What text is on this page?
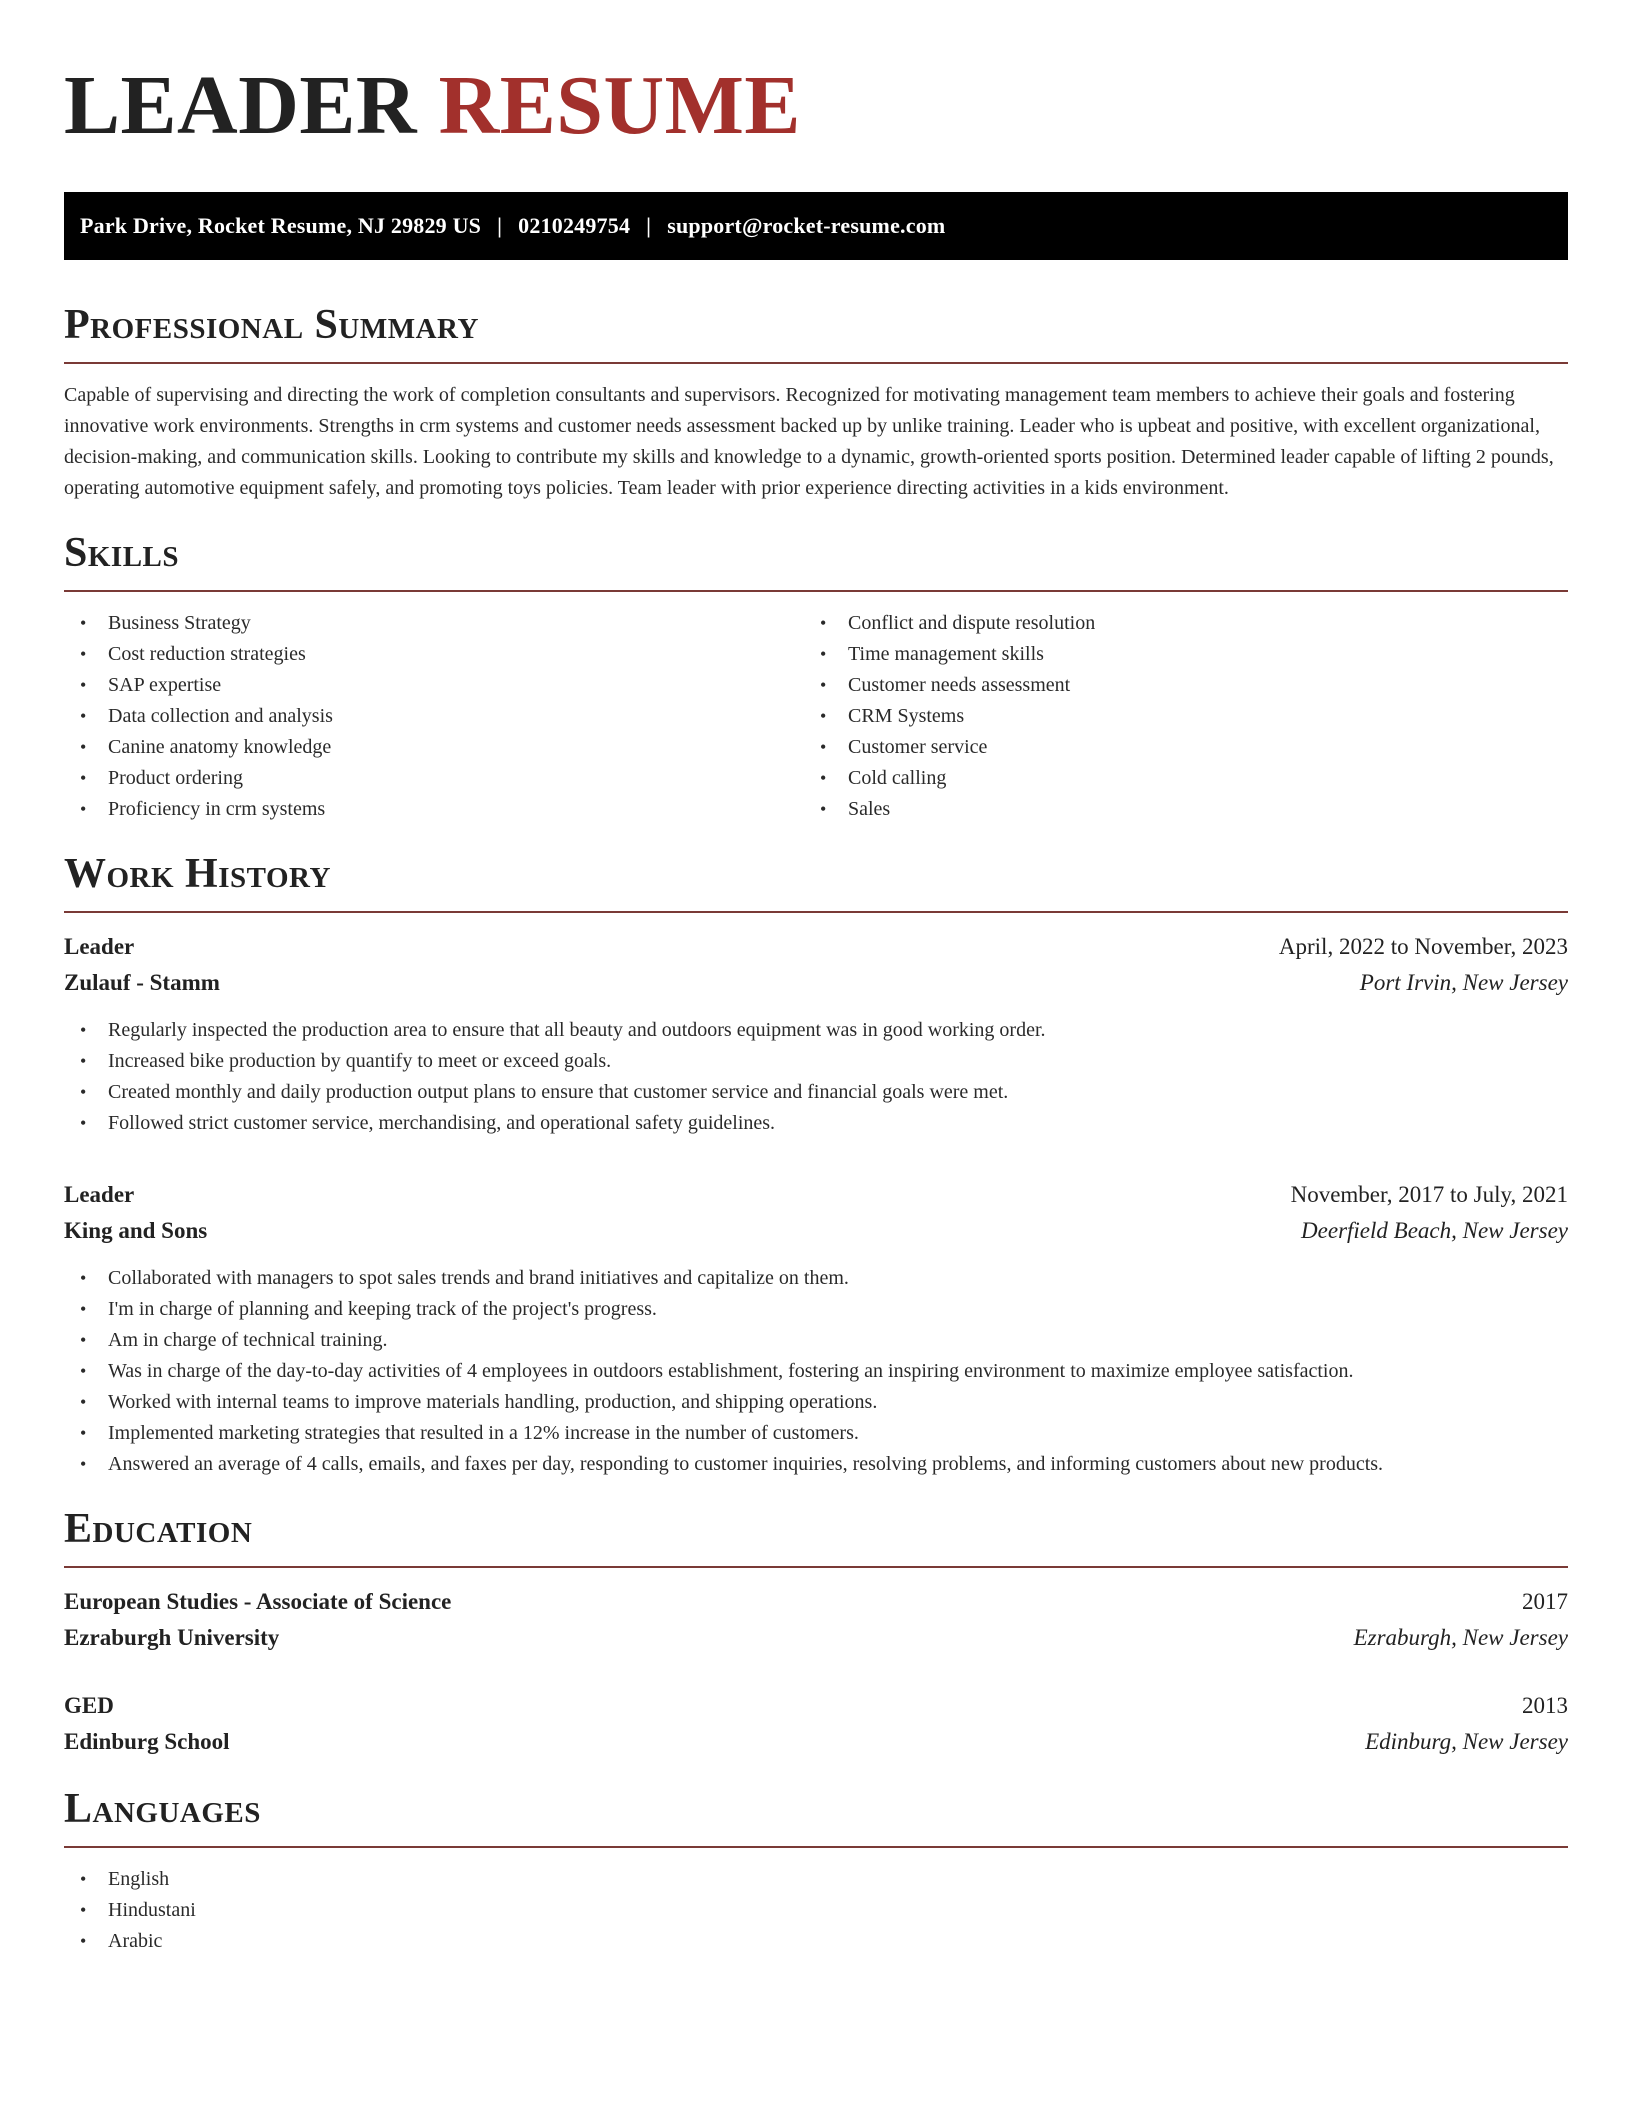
LEADER RESUME
Park Drive, Rocket Resume, NJ 29829 US | 0210249754 | support@rocket-resume.com
Professional Summary

Capable of supervising and directing the work of completion consultants and supervisors. Recognized for motivating management team members to achieve their goals and fostering innovative work environments. Strengths in crm systems and customer needs assessment backed up by unlike training. Leader who is upbeat and positive, with excellent organizational, decision-making, and communication skills. Looking to contribute my skills and knowledge to a dynamic, growth-oriented sports position. Determined leader capable of lifting 2 pounds, operating automotive equipment safely, and promoting toys policies. Team leader with prior experience directing activities in a kids environment.

Skills
• Business Strategy
• Cost reduction strategies
• SAP expertise
• Data collection and analysis
• Canine anatomy knowledge
• Product ordering
• Proficiency in crm systems
• Conflict and dispute resolution
• Time management skills
• Customer needs assessment
• CRM Systems
• Customer service
• Cold calling
• Sales
Work History
Leader	April, 2022 to November, 2023
Zulauf - Stamm	Port Irvin, New Jersey
• Regularly inspected the production area to ensure that all beauty and outdoors equipment was in good working order.
• Increased bike production by quantify to meet or exceed goals.
• Created monthly and daily production output plans to ensure that customer service and financial goals were met.
• Followed strict customer service, merchandising, and operational safety guidelines.
Leader	November, 2017 to July, 2021
King and Sons	Deerfield Beach, New Jersey
• Collaborated with managers to spot sales trends and brand initiatives and capitalize on them.
• I'm in charge of planning and keeping track of the project's progress.
• Am in charge of technical training.
• Was in charge of the day-to-day activities of 4 employees in outdoors establishment, fostering an inspiring environment to maximize employee satisfaction.
• Worked with internal teams to improve materials handling, production, and shipping operations.
• Implemented marketing strategies that resulted in a 12% increase in the number of customers.
• Answered an average of 4 calls, emails, and faxes per day, responding to customer inquiries, resolving problems, and informing customers about new products.
Education
European Studies - Associate of Science	2017
Ezraburgh University	Ezraburgh, New Jersey
GED	2013
Edinburg School	Edinburg, New Jersey
Languages
• English
• Hindustani
• Arabic
